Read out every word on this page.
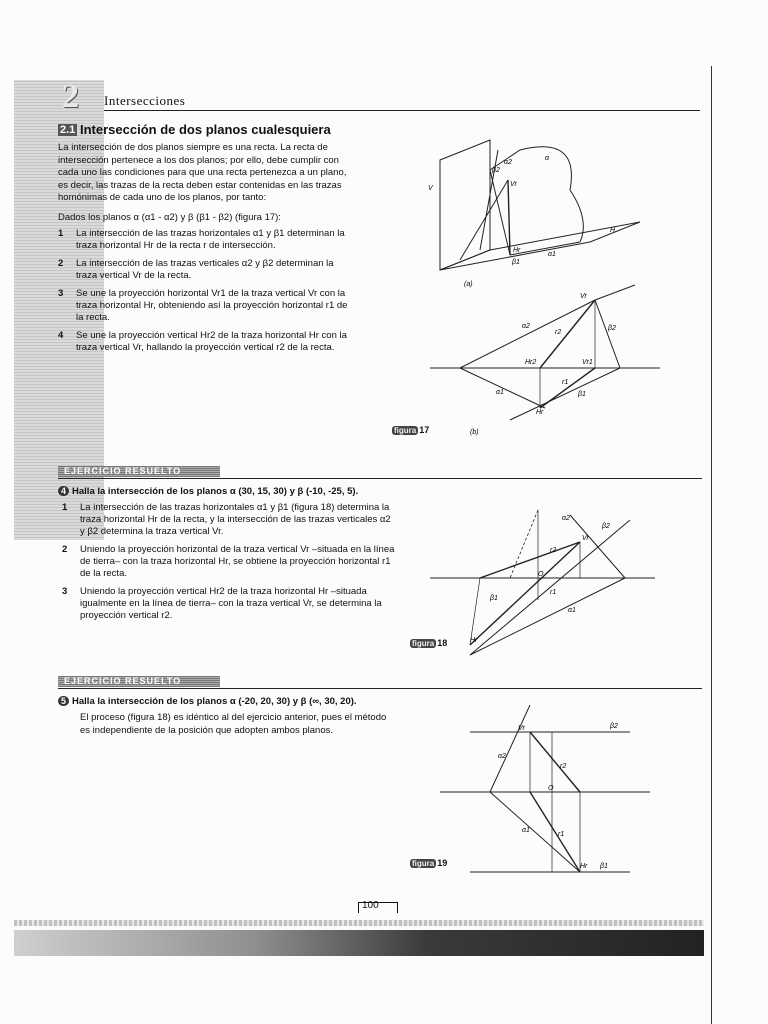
2 Intersecciones
2.1 Intersección de dos planos cualesquiera
La intersección de dos planos siempre es una recta. La recta de intersección pertenece a los dos planos; por ello, debe cumplir con cada uno las condiciones para que una recta pertenezca a un plano, es decir, las trazas de la recta deben estar contenidas en las trazas homónimas de cada uno de los planos, por tanto:
Dados los planos α (α1 - α2) y β (β1 - β2) (figura 17):
1 La intersección de las trazas horizontales α1 y β1 determinan la traza horizontal Hr de la recta r de intersección.
2 La intersección de las trazas verticales α2 y β2 determinan la traza vertical Vr de la recta.
3 Se une la proyección horizontal Vr1 de la traza vertical Vr con la traza horizontal Hr, obteniendo así la proyección horizontal r1 de la recta.
4 Se une la proyección vertical Hr2 de la traza horizontal Hr con la traza vertical Vr, hallando la proyección vertical r2 de la recta.
V
H
α
α2
β2
Vr
Hr
α1
β1
(a)
Vr
β2
α2
r2
Hr2	Vr1
r1
α1	β1
Hr
(b)
figura 17
EJERCICIO RESUELTO
4 Halla la intersección de los planos α (30, 15, 30) y β (-10, -25, 5).
1 La intersección de las trazas horizontales α1 y β1 (figura 18) determina la traza horizontal Hr de la recta, y la intersección de las trazas verticales α2 y β2 determina la traza vertical Vr.
2 Uniendo la proyección horizontal de la traza vertical Vr –situada en la línea de tierra– con la traza horizontal Hr, se obtiene la proyección horizontal r1 de la recta.
3 Uniendo la proyección vertical Hr2 de la traza horizontal Hr –situada igualmente en la línea de tierra– con la traza vertical Vr, se determina la proyección vertical r2.
Vr
β2
α2
r2
O
r1
α1
β1
Hr
figura 18
EJERCICIO RESUELTO
5 Halla la intersección de los planos α (-20, 20, 30) y β (∞, 30, 20).
El proceso (figura 18) es idéntico al del ejercicio anterior, pues el método es independiente de la posición que adopten ambos planos.	Vr	β2
α2
r2
O
r1
α1
Hr β1
figura 19
100
